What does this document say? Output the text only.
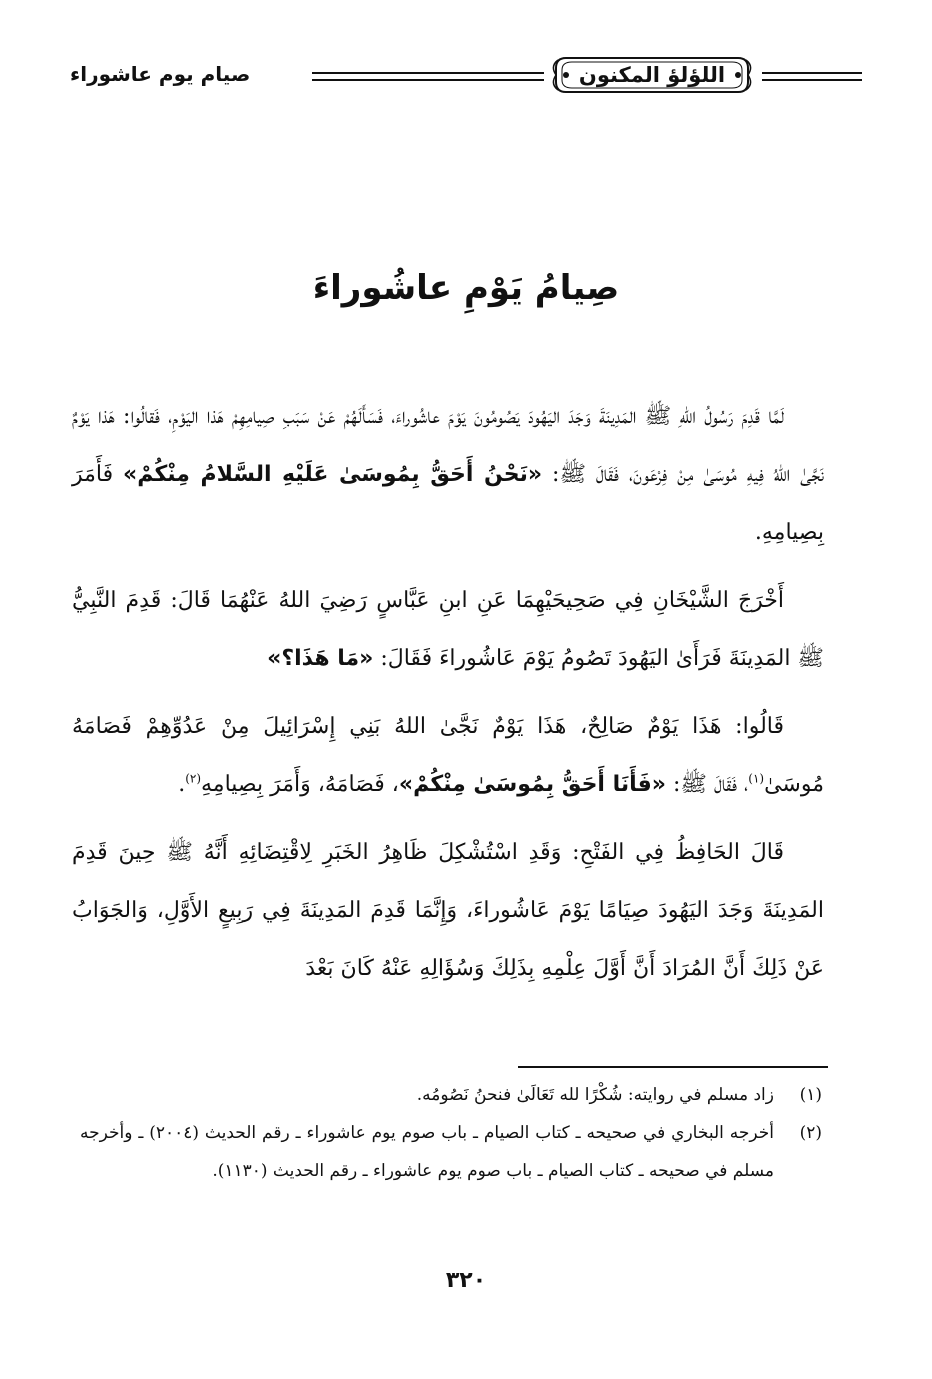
اللؤلؤ المكنون
صيام يوم عاشوراء
صِيامُ يَوْمِ عاشُوراءَ

لَمَّا قَدِمَ رَسُولُ اللهِ ﷺ المَدِينَةَ وَجَدَ اليَهُودَ يَصُومُونَ يَوْمَ عاشُوراءَ، فَسَأَلَهُمْ عَنْ سَبَبِ صِيامِهِمْ هَذا اليَوْمِ، فَقالُوا: هَذا يَوْمٌ نَجَّىٰ اللهُ فِيهِ مُوسَىٰ مِنْ فِرْعَونَ، فَقَالَ ﷺ: «نَحْنُ أَحَقُّ بِمُوسَىٰ عَلَيْهِ السَّلامُ مِنْكُمْ» فَأَمَرَ بِصِيامِهِ.

أَخْرَجَ الشَّيْخَانِ فِي صَحِيحَيْهِمَا عَنِ ابنِ عَبَّاسٍ رَضِيَ اللهُ عَنْهُمَا قَالَ: قَدِمَ النَّبِيُّ ﷺ المَدِينَةَ فَرَأَىٰ اليَهُودَ تَصُومُ يَوْمَ عَاشُوراءَ فَقَالَ: «مَا هَذَا؟»

قَالُوا: هَذَا يَوْمٌ صَالِحٌ، هَذَا يَوْمٌ نَجَّىٰ اللهُ بَنِي إِسْرَائِيلَ مِنْ عَدُوِّهِمْ فَصَامَهُ مُوسَىٰ$^{(١)}$، فَقَالَ ﷺ: «فَأَنَا أَحَقُّ بِمُوسَىٰ مِنْكُمْ»، فَصَامَهُ، وَأَمَرَ بِصِيامِهِ$^{(٢)}$.

قَالَ الحَافِظُ فِي الفَتْحِ: وَقَدِ اسْتُشْكِلَ ظَاهِرُ الخَبَرِ لِاقْتِضَائِهِ أَنَّهُ ﷺ حِينَ قَدِمَ المَدِينَةَ وَجَدَ اليَهُودَ صِيَامًا يَوْمَ عَاشُوراءَ، وَإِنَّمَا قَدِمَ المَدِينَةَ فِي رَبِيعٍ الأَوَّلِ، وَالجَوَابُ عَنْ ذَلِكَ أَنَّ المُرَادَ أَنَّ أَوَّلَ عِلْمِهِ بِذَلِكَ وَسُؤَالِهِ عَنْهُ كَانَ بَعْدَ

(١)
زاد مسلم في روايته: شُكْرًا لله تَعَالَىٰ فنحنُ نَصُومُه.
(٢)
أخرجه البخاري في صحيحه ـ كتاب الصيام ـ باب صوم يوم عاشوراء ـ رقم الحديث (٢٠٠٤) ـ وأخرجه مسلم في صحيحه ـ كتاب الصيام ـ باب صوم يوم عاشوراء ـ رقم الحديث (١١٣٠).
٣٢٠
